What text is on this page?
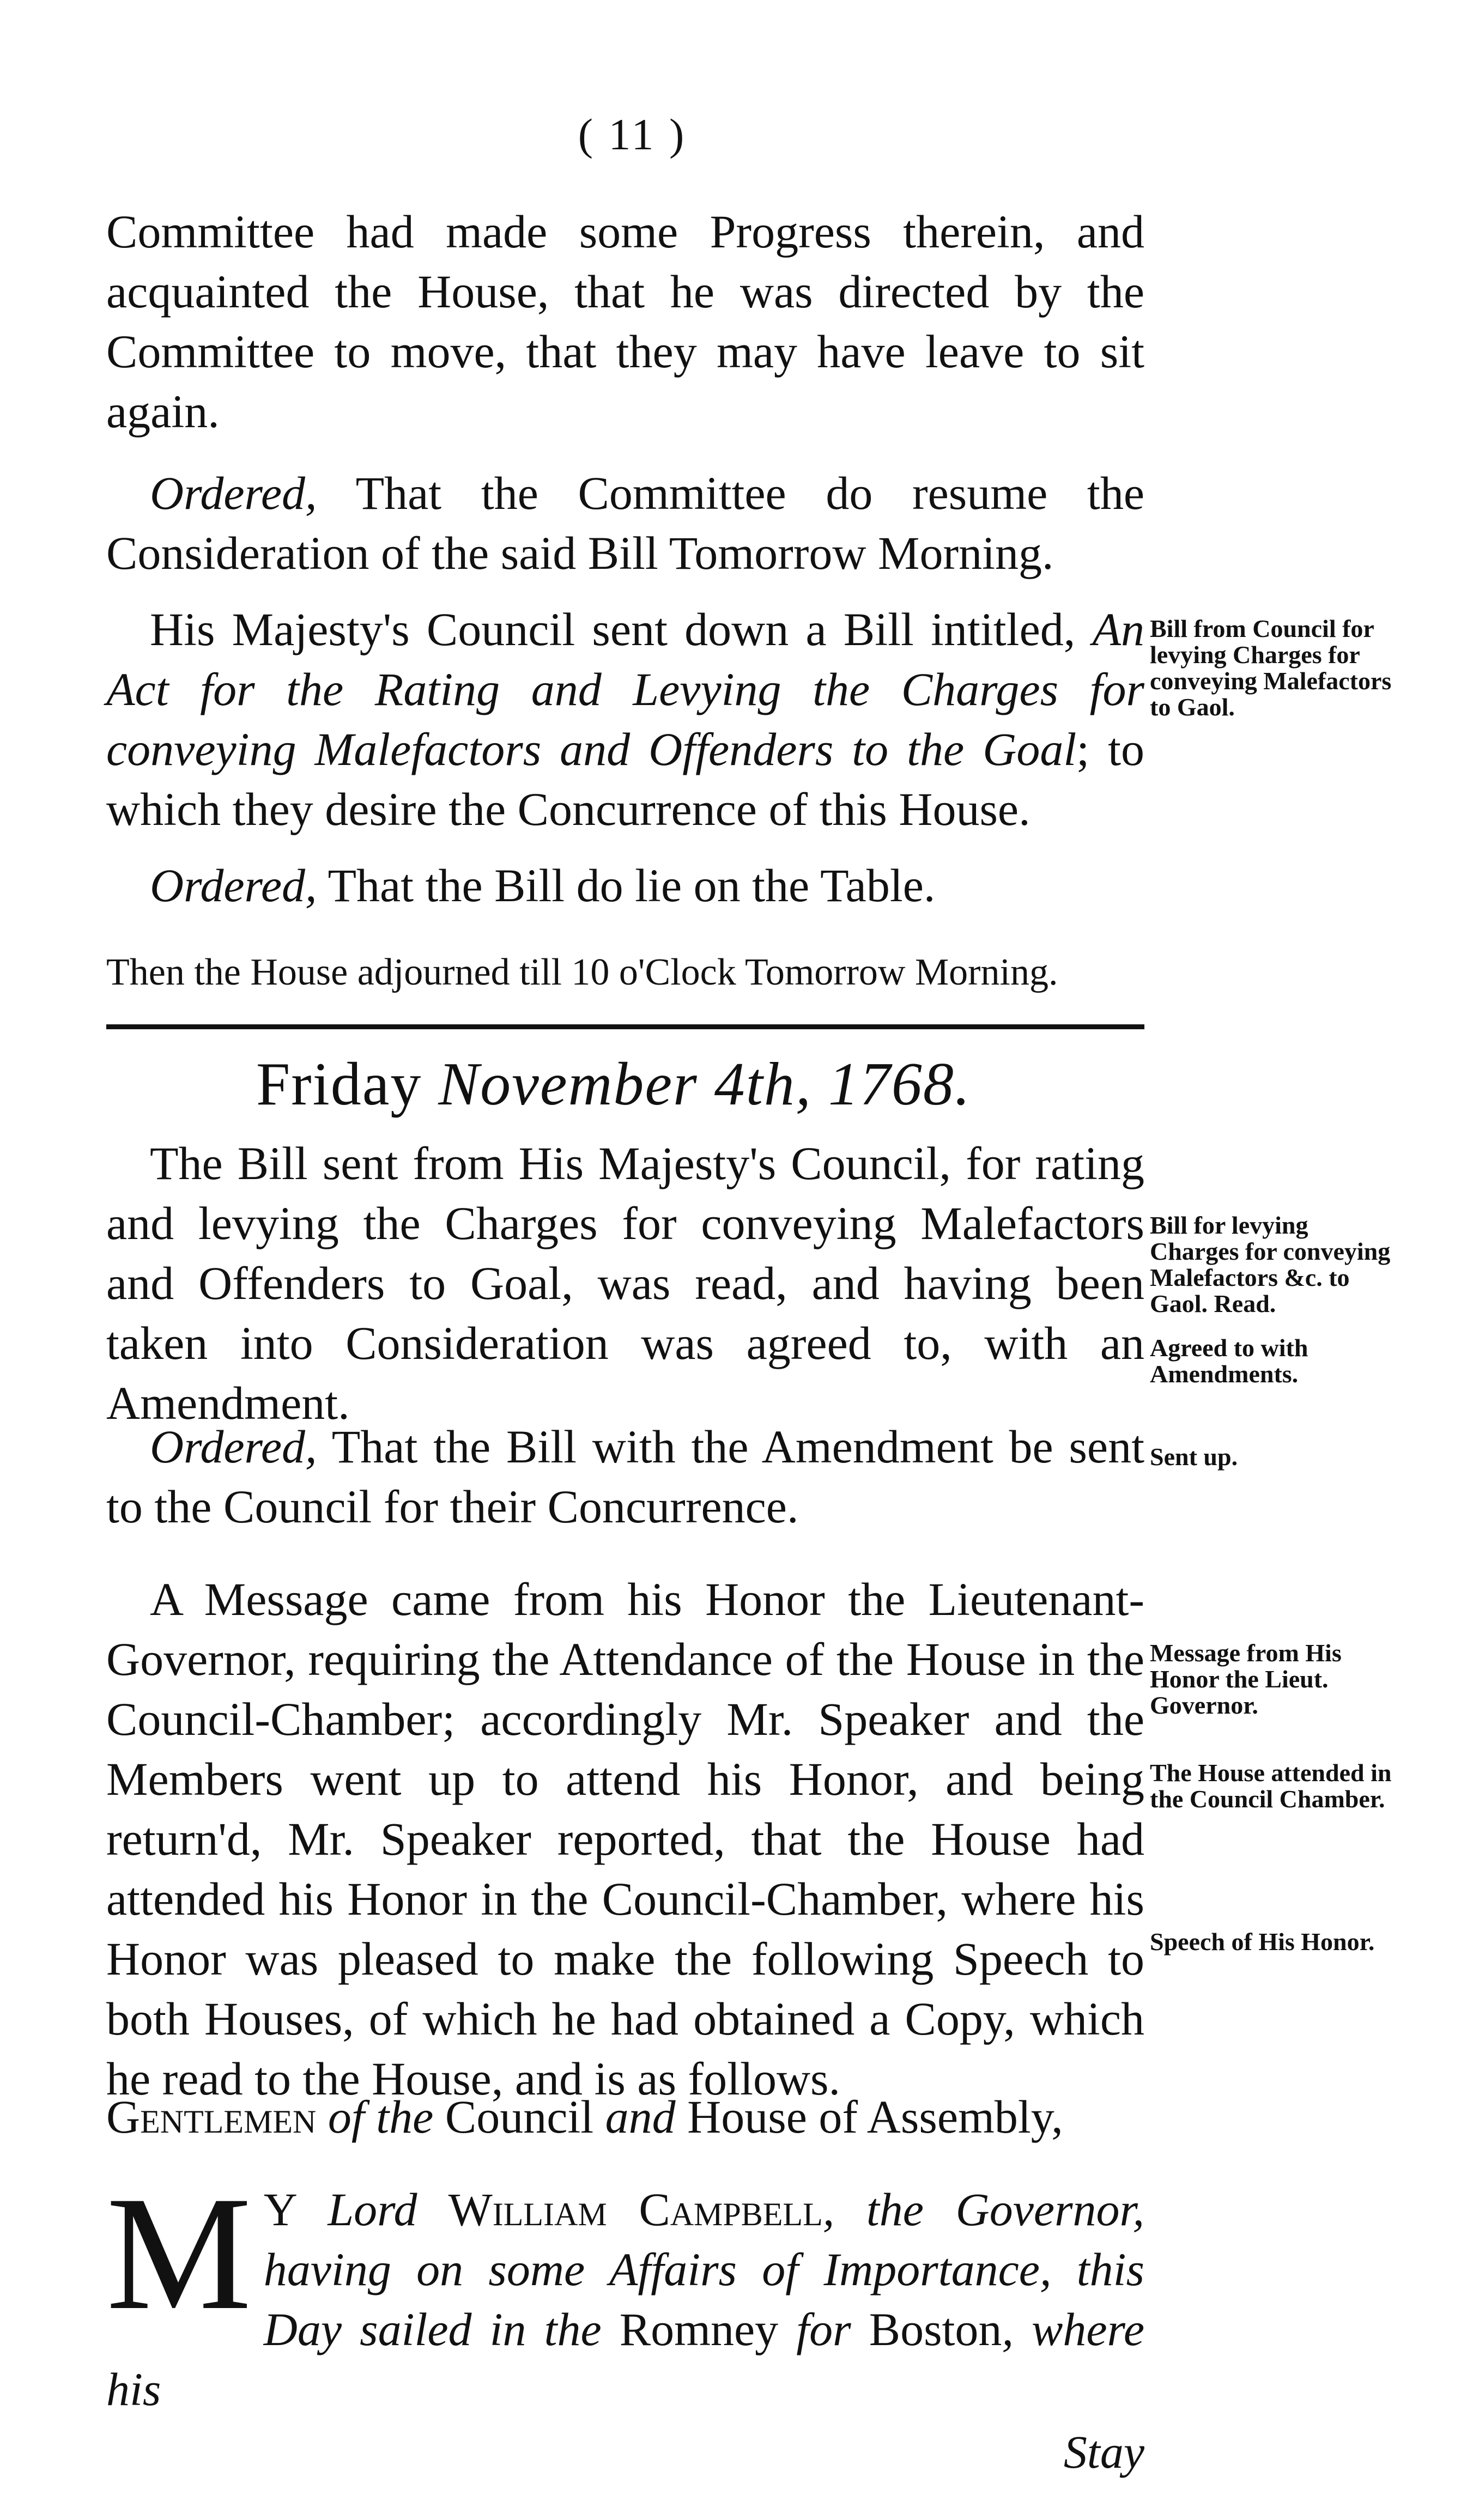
( 11 )

Committee had made some Progress therein, and acquainted the House, that he was directed by the Committee to move, that they may have leave to sit again.

Ordered, That the Committee do resume the Consideration of the said Bill Tomorrow Morning.

His Majesty's Council sent down a Bill intitled, An Act for the Rating and Levying the Charges for conveying Malefactors and Offenders to the Goal; to which they desire the Concurrence of this House.

Bill from Council for levying Charges for conveying Malefactors to Gaol.

Ordered, That the Bill do lie on the Table.

Then the House adjourned till 10 o'Clock Tomorrow Morning.
Friday November 4th, 1768.

The Bill sent from His Majesty's Council, for rating and levying the Charges for conveying Malefactors and Offenders to Goal, was read, and having been taken into Consideration was agreed to, with an Amendment.

Bill for levying Charges for conveying Malefactors &c. to Gaol. Read.
Agreed to with Amendments.

Ordered, That the Bill with the Amendment be sent to the Council for their Concurrence.

Sent up.

A Message came from his Honor the Lieutenant-Governor, requiring the Attendance of the House in the Council-Chamber; accordingly Mr. Speaker and the Members went up to attend his Honor, and being return'd, Mr. Speaker reported, that the House had attended his Honor in the Council-Chamber, where his Honor was pleased to make the following Speech to both Houses, of which he had obtained a Copy, which he read to the House, and is as follows.

Message from His Honor the Lieut. Governor.
The House attended in the Council Chamber.
Speech of His Honor.
Gentlemen of the Council and House of Assembly,
M Y Lord William Campbell, the Governor, having on some Affairs of Importance, this Day sailed in the Romney for Boston, where his

Stay
